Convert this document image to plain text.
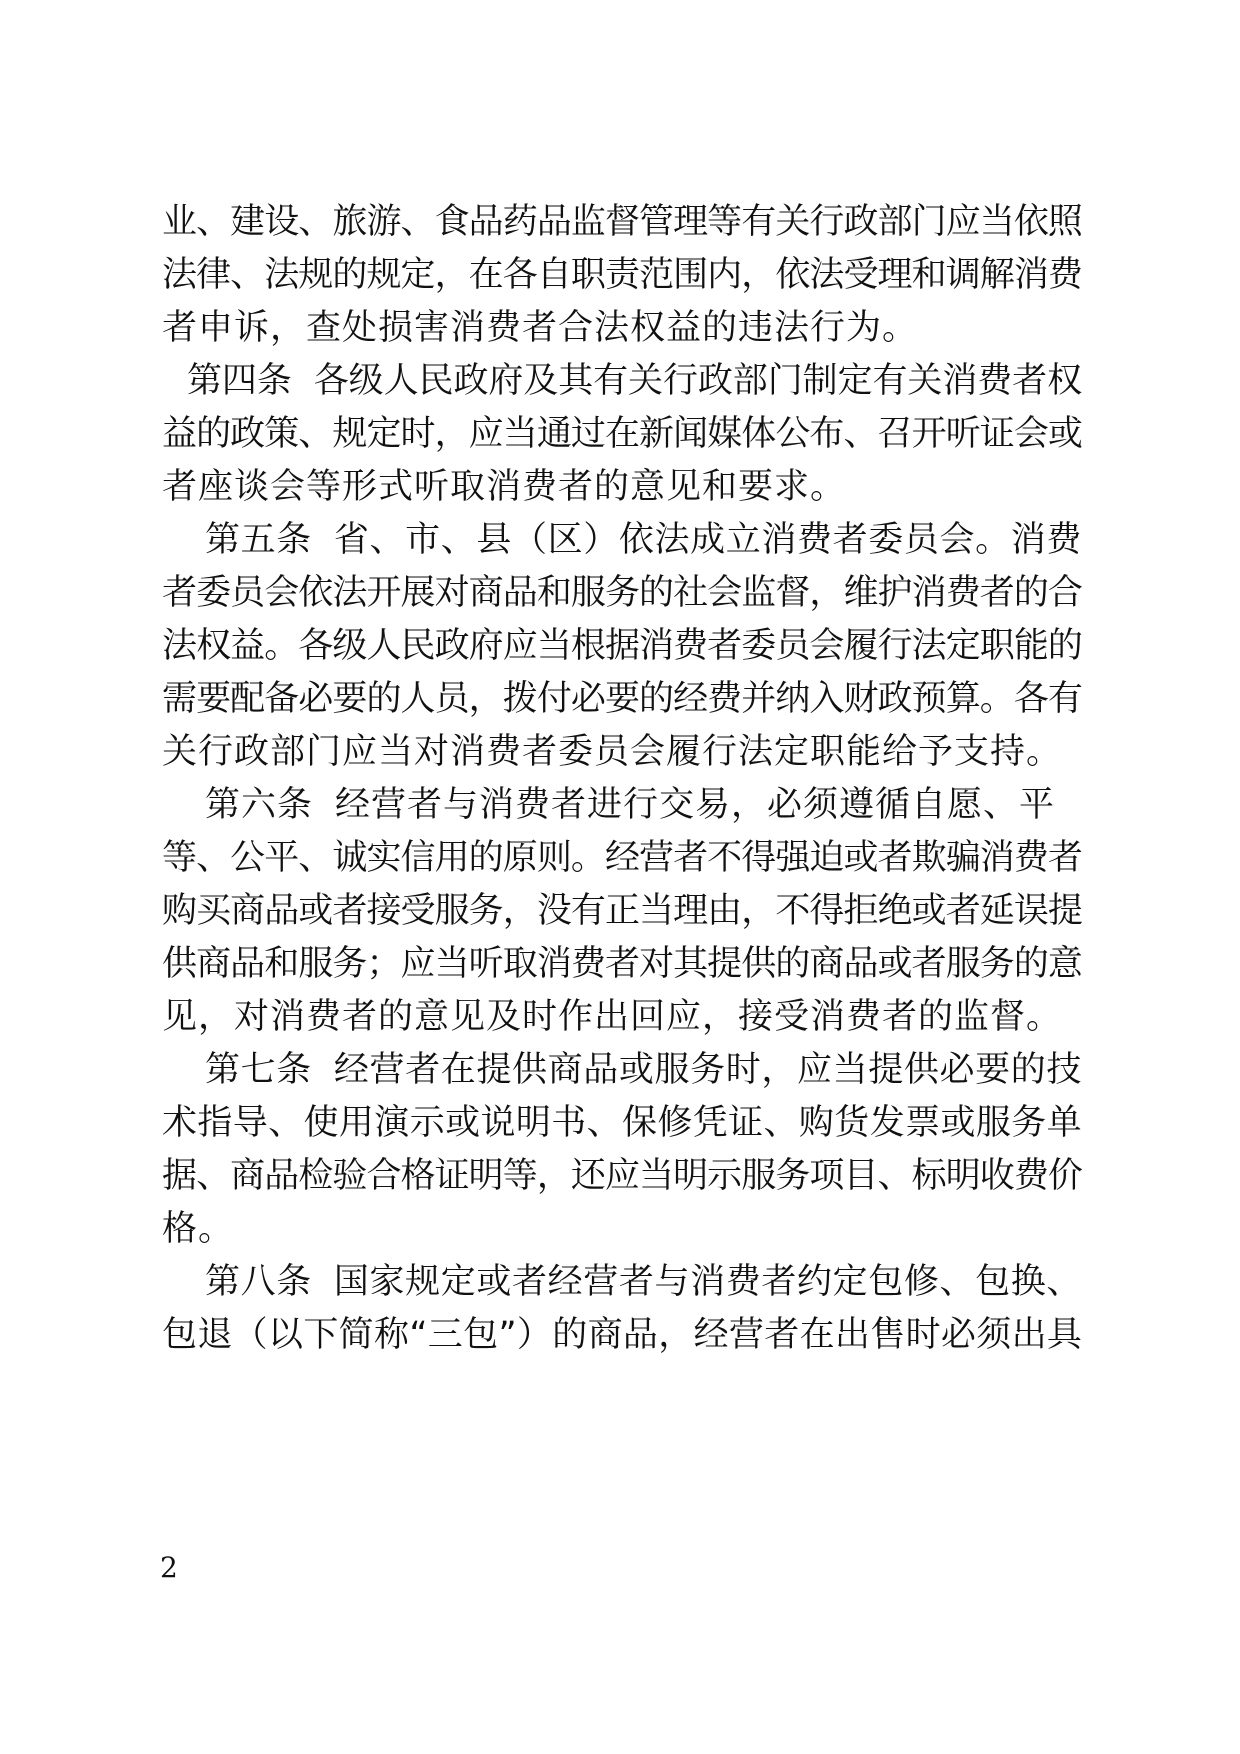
业、建设、旅游、食品药品监督管理等有关行政部门应当依照
法律、法规的规定，在各自职责范围内，依法受理和调解消费
者申诉，查处损害消费者合法权益的违法行为。
第四条 各级人民政府及其有关行政部门制定有关消费者权
益的政策、规定时，应当通过在新闻媒体公布、召开听证会或
者座谈会等形式听取消费者的意见和要求。
第五条 省、市、县（区）依法成立消费者委员会。消费
者委员会依法开展对商品和服务的社会监督，维护消费者的合
法权益。各级人民政府应当根据消费者委员会履行法定职能的
需要配备必要的人员，拨付必要的经费并纳入财政预算。各有
关行政部门应当对消费者委员会履行法定职能给予支持。
第六条 经营者与消费者进行交易，必须遵循自愿、平
等、公平、诚实信用的原则。经营者不得强迫或者欺骗消费者
购买商品或者接受服务，没有正当理由，不得拒绝或者延误提
供商品和服务；应当听取消费者对其提供的商品或者服务的意
见，对消费者的意见及时作出回应，接受消费者的监督。
第七条 经营者在提供商品或服务时，应当提供必要的技
术指导、使用演示或说明书、保修凭证、购货发票或服务单
据、商品检验合格证明等，还应当明示服务项目、标明收费价
格。
第八条 国家规定或者经营者与消费者约定包修、包换、
包退（以下简称“三包”）的商品，经营者在出售时必须出具
2
